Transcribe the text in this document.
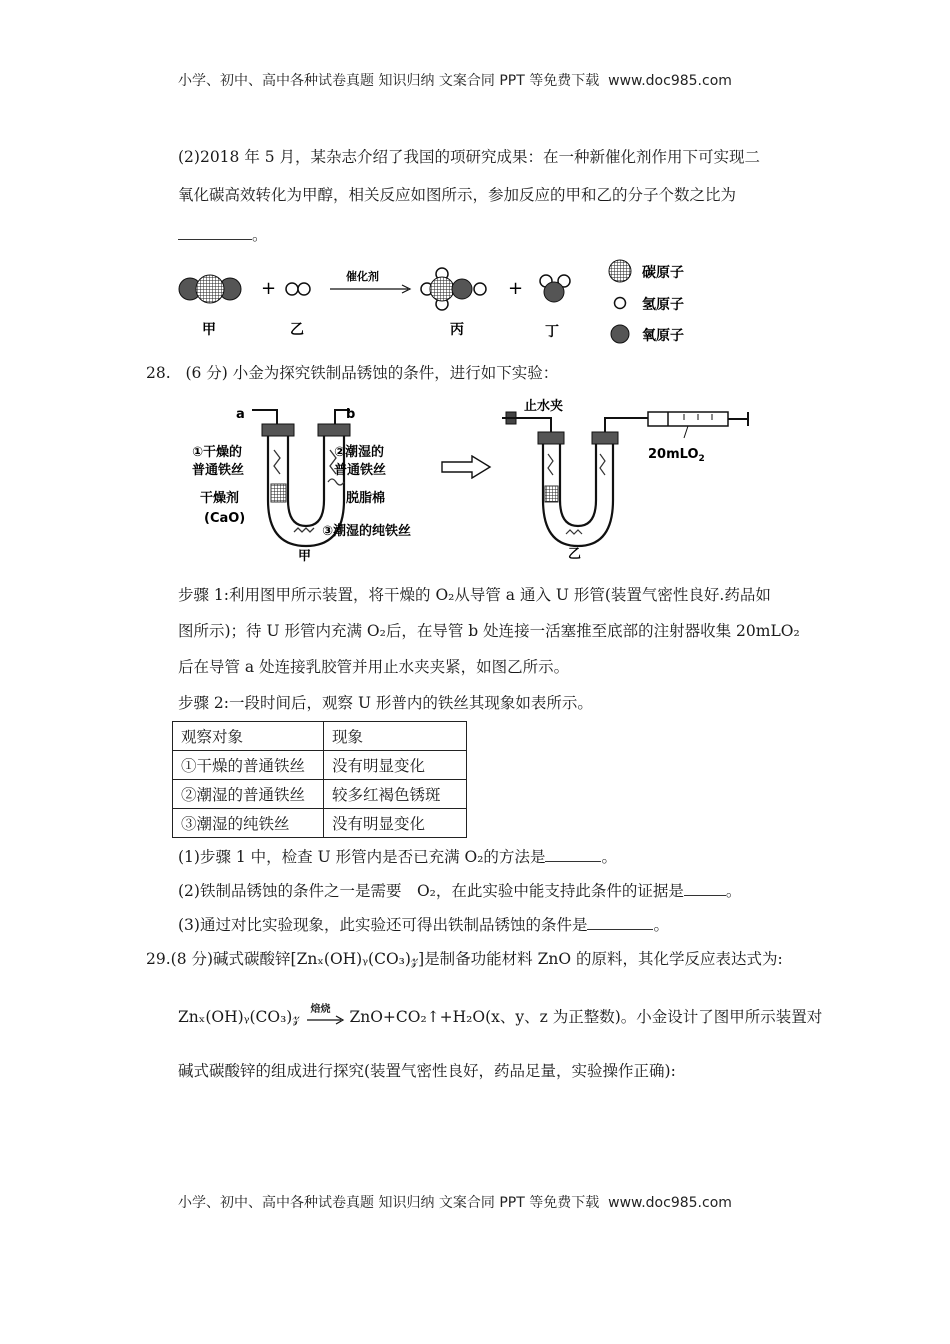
小学、初中、高中各种试卷真题 知识归纳 文案合同 PPT 等免费下载 www.doc985.com
(2)2018 年 5 月，某杂志介绍了我国的项研究成果：在一种新催化剂作用下可实现二
氧化碳高效转化为甲醇，相关反应如图所示，参加反应的甲和乙的分子个数之比为
。
+
催化剂
+
甲	乙	丙	丁
碳原子
氢原子
氧原子
28. (6 分) 小金为探究铁制品锈蚀的条件，进行如下实验：
a	b
①干燥的
普通铁丝
干燥剂
(CaO)
②潮湿的
普通铁丝
脱脂棉
③潮湿的纯铁丝
甲
止水夹
20mLO$_2$
乙
步骤 1:利用图甲所示装置，将干燥的 O₂从导管 a 通入 U 形管(装置气密性良好.药品如
图所示)；待 U 形管内充满 O₂后，在导管 b 处连接一活塞推至底部的注射器收集 20mLO₂
后在导管 a 处连接乳胶管并用止水夹夹紧，如图乙所示。
步骤 2:一段时间后，观察 U 形普内的铁丝其现象如表所示。
观察对象	现象
①干燥的普通铁丝	没有明显变化
②潮湿的普通铁丝	较多红褐色锈斑
③潮湿的纯铁丝	没有明显变化
(1)步骤 1 中，检查 U 形管内是否已充满 O₂的方法是	。
(2)铁制品锈蚀的条件之一是需要　O₂，在此实验中能支持此条件的证据是	。
(3)通过对比实验现象，此实验还可得出铁制品锈蚀的条件是	。
29.(8 分)碱式碳酸锌[Znₓ(OH)ᵧ(CO₃)𝓏]是制备功能材料 ZnO 的原料，其化学反应表达式为:
Znₓ(OH)ᵧ(CO₃)𝓏 焙烧 ZnO+CO₂↑+H₂O(x、y、z 为正整数)。小金设计了图甲所示装置对
碱式碳酸锌的组成进行探究(装置气密性良好，药品足量，实验操作正确):
小学、初中、高中各种试卷真题 知识归纳 文案合同 PPT 等免费下载 www.doc985.com
